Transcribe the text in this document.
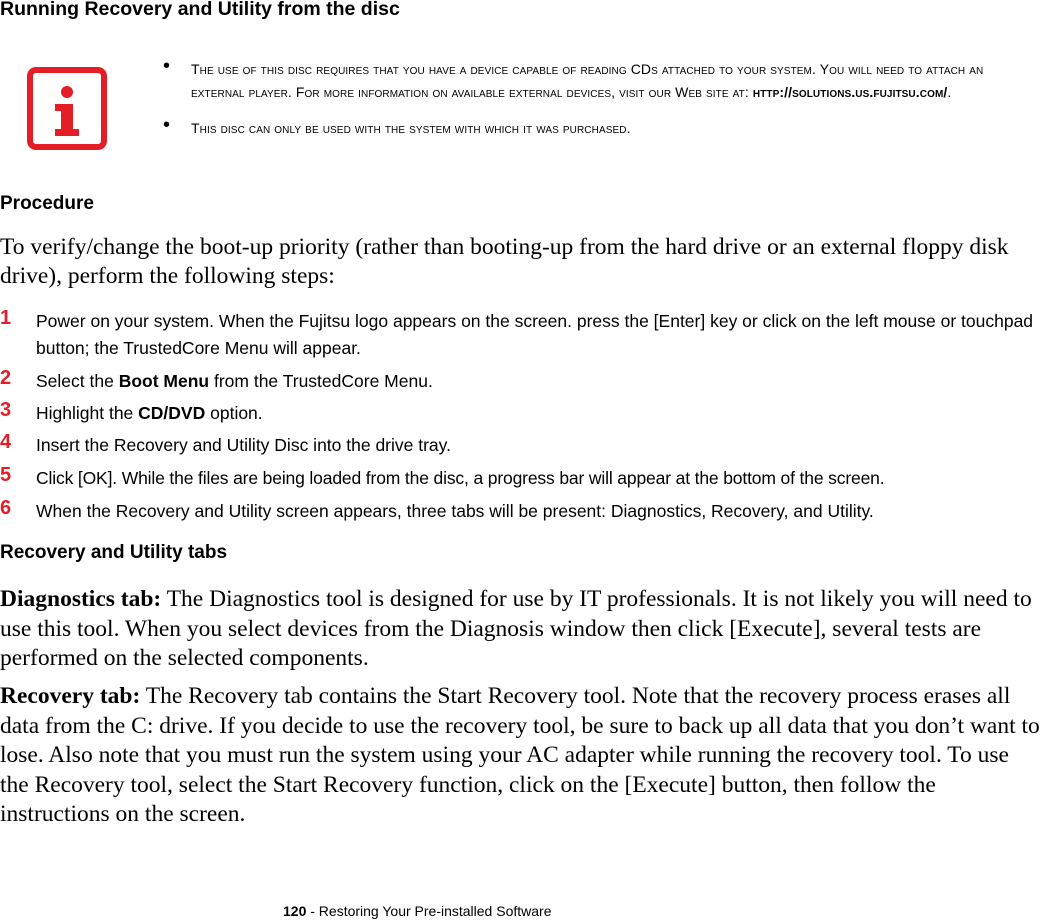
Running Recovery and Utility from the disc
• The use of this disc requires that you have a device capable of reading CDs attached to your system. You will need to attach an external player. For more information on available external devices, visit our Web site at: http://solutions.us.fujitsu.com/.
• This disc can only be used with the system with which it was purchased.
Procedure

To verify/change the boot-up priority (rather than booting-up from the hard drive or an external floppy disk drive), perform the following steps:

1 Power on your system. When the Fujitsu logo appears on the screen. press the [Enter] key or click on the left mouse or touchpad button; the TrustedCore Menu will appear.
2 Select the Boot Menu from the TrustedCore Menu.
3 Highlight the CD/DVD option.
4 Insert the Recovery and Utility Disc into the drive tray.
5 Click [OK]. While the files are being loaded from the disc, a progress bar will appear at the bottom of the screen.
6 When the Recovery and Utility screen appears, three tabs will be present: Diagnostics, Recovery, and Utility.
Recovery and Utility tabs

Diagnostics tab: The Diagnostics tool is designed for use by IT professionals. It is not likely you will need to use this tool. When you select devices from the Diagnosis window then click [Execute], several tests are performed on the selected components.

Recovery tab: The Recovery tab contains the Start Recovery tool. Note that the recovery process erases all data from the C: drive. If you decide to use the recovery tool, be sure to back up all data that you don’t want to lose. Also note that you must run the system using your AC adapter while running the recovery tool. To use the Recovery tool, select the Start Recovery function, click on the [Execute] button, then follow the instructions on the screen.

120 - Restoring Your Pre-installed Software
